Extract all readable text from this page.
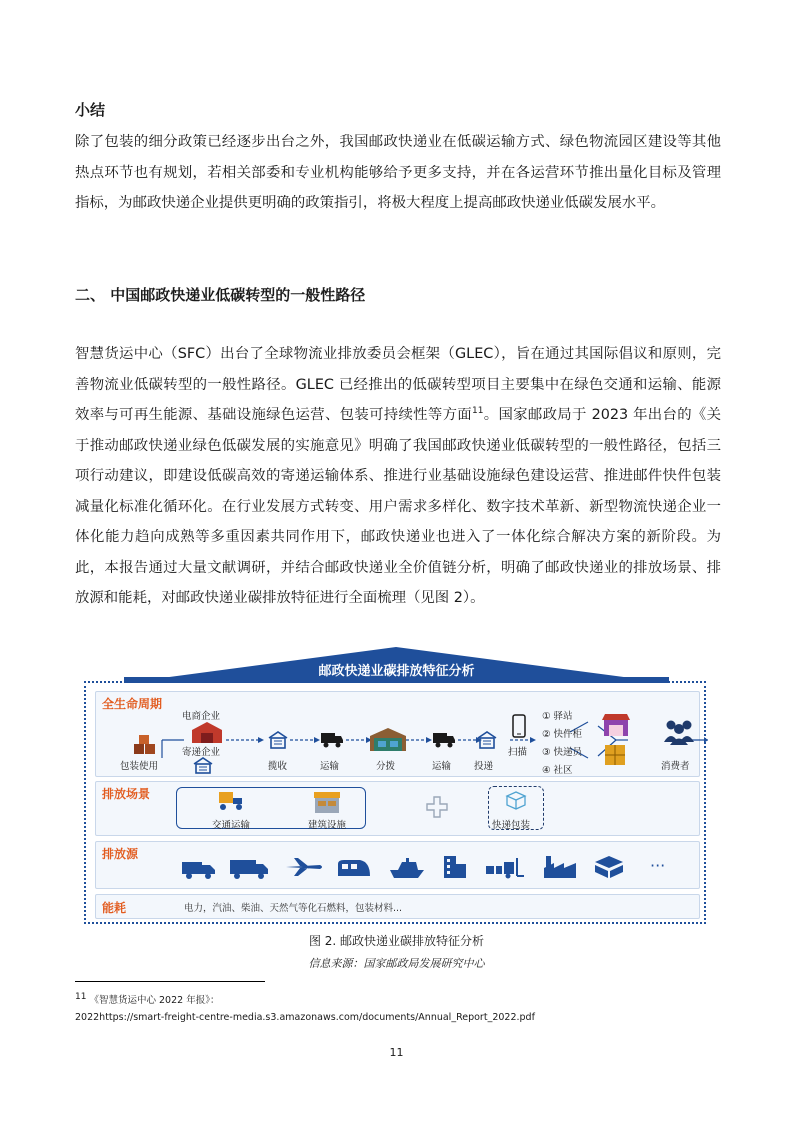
小结
除了包装的细分政策已经逐步出台之外，我国邮政快递业在低碳运输方式、绿色物流园区建设等其他热点环节也有规划，若相关部委和专业机构能够给予更多支持，并在各运营环节推出量化目标及管理指标，为邮政快递企业提供更明确的政策指引，将极大程度上提高邮政快递业低碳发展水平。
二、 中国邮政快递业低碳转型的一般性路径
智慧货运中心（SFC）出台了全球物流业排放委员会框架（GLEC），旨在通过其国际倡议和原则，完善物流业低碳转型的一般性路径。GLEC 已经推出的低碳转型项目主要集中在绿色交通和运输、能源效率与可再生能源、基础设施绿色运营、包装可持续性等方面$^{11}$。国家邮政局于 2023 年出台的《关于推动邮政快递业绿色低碳发展的实施意见》明确了我国邮政快递业低碳转型的一般性路径，包括三项行动建议，即建设低碳高效的寄递运输体系、推进行业基础设施绿色建设运营、推进邮件快件包装减量化标准化循环化。在行业发展方式转变、用户需求多样化、数字技术革新、新型物流快递企业一体化能力趋向成熟等多重因素共同作用下，邮政快递业也进入了一体化综合解决方案的新阶段。为此，本报告通过大量文献调研，并结合邮政快递业全价值链分析，明确了邮政快递业的排放场景、排放源和能耗，对邮政快递业碳排放特征进行全面梳理（见图 2）。
邮政快递业碳排放特征分析
全生命周期
包装使用
电商企业
寄递企业
揽收	运输	分拨	运输 投递
扫描
① 驿站
② 快件柜
③ 快递员
④ 社区	消费者
排放场景
交通运输	建筑设施	快递包装
排放源
···
能耗	电力，汽油、柴油、天然气等化石燃料，包装材料...
图 2. 邮政快递业碳排放特征分析
信息来源：国家邮政局发展研究中心
$^{11}$ 《智慧货运中心 2022 年报》：
2022https://smart-freight-centre-media.s3.amazonaws.com/documents/Annual_Report_2022.pdf
11
